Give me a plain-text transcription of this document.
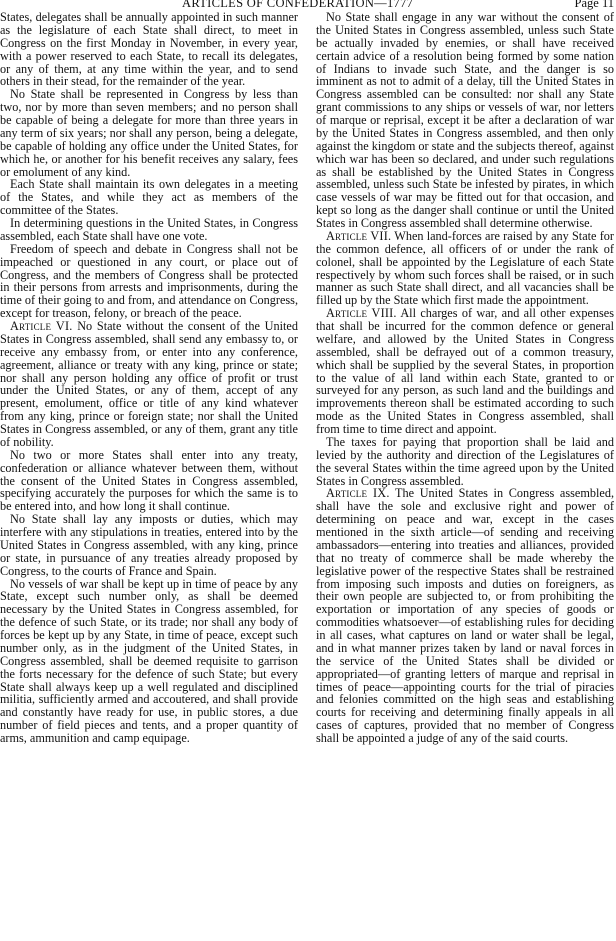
ARTICLES OF CONFEDERATION—1777	Page 11

States, delegates shall be annually appointed in such manner as the legislature of each State shall direct, to meet in Congress on the first Monday in November, in every year, with a power reserved to each State, to recall its delegates, or any of them, at any time within the year, and to send others in their stead, for the remainder of the year.

No State shall be represented in Congress by less than two, nor by more than seven members; and no person shall be capable of being a delegate for more than three years in any term of six years; nor shall any person, being a delegate, be capable of holding any office under the United States, for which he, or another for his benefit receives any salary, fees or emolument of any kind.

Each State shall maintain its own delegates in a meeting of the States, and while they act as members of the committee of the States.

In determining questions in the United States, in Congress assembled, each State shall have one vote.

Freedom of speech and debate in Congress shall not be impeached or questioned in any court, or place out of Congress, and the members of Congress shall be protected in their persons from arrests and imprisonments, during the time of their going to and from, and attendance on Congress, except for treason, felony, or breach of the peace.

Article VI. No State without the consent of the United States in Congress assembled, shall send any embassy to, or receive any embassy from, or enter into any conference, agreement, alliance or treaty with any king, prince or state; nor shall any person holding any office of profit or trust under the United States, or any of them, accept of any present, emolument, office or title of any kind whatever from any king, prince or foreign state; nor shall the United States in Congress assembled, or any of them, grant any title of nobility.

No two or more States shall enter into any treaty, confederation or alliance whatever between them, without the consent of the United States in Congress assembled, specifying accurately the purposes for which the same is to be entered into, and how long it shall continue.

No State shall lay any imposts or duties, which may interfere with any stipulations in treaties, entered into by the United States in Congress assembled, with any king, prince or state, in pursuance of any treaties already proposed by Congress, to the courts of France and Spain.

No vessels of war shall be kept up in time of peace by any State, except such number only, as shall be deemed necessary by the United States in Congress assembled, for the defence of such State, or its trade; nor shall any body of forces be kept up by any State, in time of peace, except such number only, as in the judgment of the United States, in Congress assembled, shall be deemed requisite to garrison the forts necessary for the defence of such State; but every State shall always keep up a well regulated and disciplined militia, sufficiently armed and accoutered, and shall provide and constantly have ready for use, in public stores, a due number of field pieces and tents, and a proper quantity of arms, ammunition and camp equipage.

No State shall engage in any war without the consent of the United States in Congress assembled, unless such State be actually invaded by enemies, or shall have received certain advice of a resolution being formed by some nation of Indians to invade such State, and the danger is so imminent as not to admit of a delay, till the United States in Congress assembled can be consulted: nor shall any State grant commissions to any ships or vessels of war, nor letters of marque or reprisal, except it be after a declaration of war by the United States in Congress assembled, and then only against the kingdom or state and the subjects thereof, against which war has been so declared, and under such regulations as shall be established by the United States in Congress assembled, unless such State be infested by pirates, in which case vessels of war may be fitted out for that occasion, and kept so long as the danger shall continue or until the United States in Congress assembled shall determine otherwise.

Article VII. When land-forces are raised by any State for the common defence, all officers of or under the rank of colonel, shall be appointed by the Legislature of each State respectively by whom such forces shall be raised, or in such manner as such State shall direct, and all vacancies shall be filled up by the State which first made the appointment.

Article VIII. All charges of war, and all other expenses that shall be incurred for the common defence or general welfare, and allowed by the United States in Congress assembled, shall be defrayed out of a common treasury, which shall be supplied by the several States, in proportion to the value of all land within each State, granted to or surveyed for any person, as such land and the buildings and improvements thereon shall be estimated according to such mode as the United States in Congress assembled, shall from time to time direct and appoint.

The taxes for paying that proportion shall be laid and levied by the authority and direction of the Legislatures of the several States within the time agreed upon by the United States in Congress assembled.

Article IX. The United States in Congress assembled, shall have the sole and exclusive right and power of determining on peace and war, except in the cases mentioned in the sixth article—of sending and receiving ambassadors—entering into treaties and alliances, provided that no treaty of commerce shall be made whereby the legislative power of the respective States shall be restrained from imposing such imposts and duties on foreigners, as their own people are subjected to, or from prohibiting the exportation or importation of any species of goods or commodities whatsoever—of establishing rules for deciding in all cases, what captures on land or water shall be legal, and in what manner prizes taken by land or naval forces in the service of the United States shall be divided or appropriated—of granting letters of marque and reprisal in times of peace—appointing courts for the trial of piracies and felonies committed on the high seas and establishing courts for receiving and determining finally appeals in all cases of captures, provided that no member of Congress shall be appointed a judge of any of the said courts.
